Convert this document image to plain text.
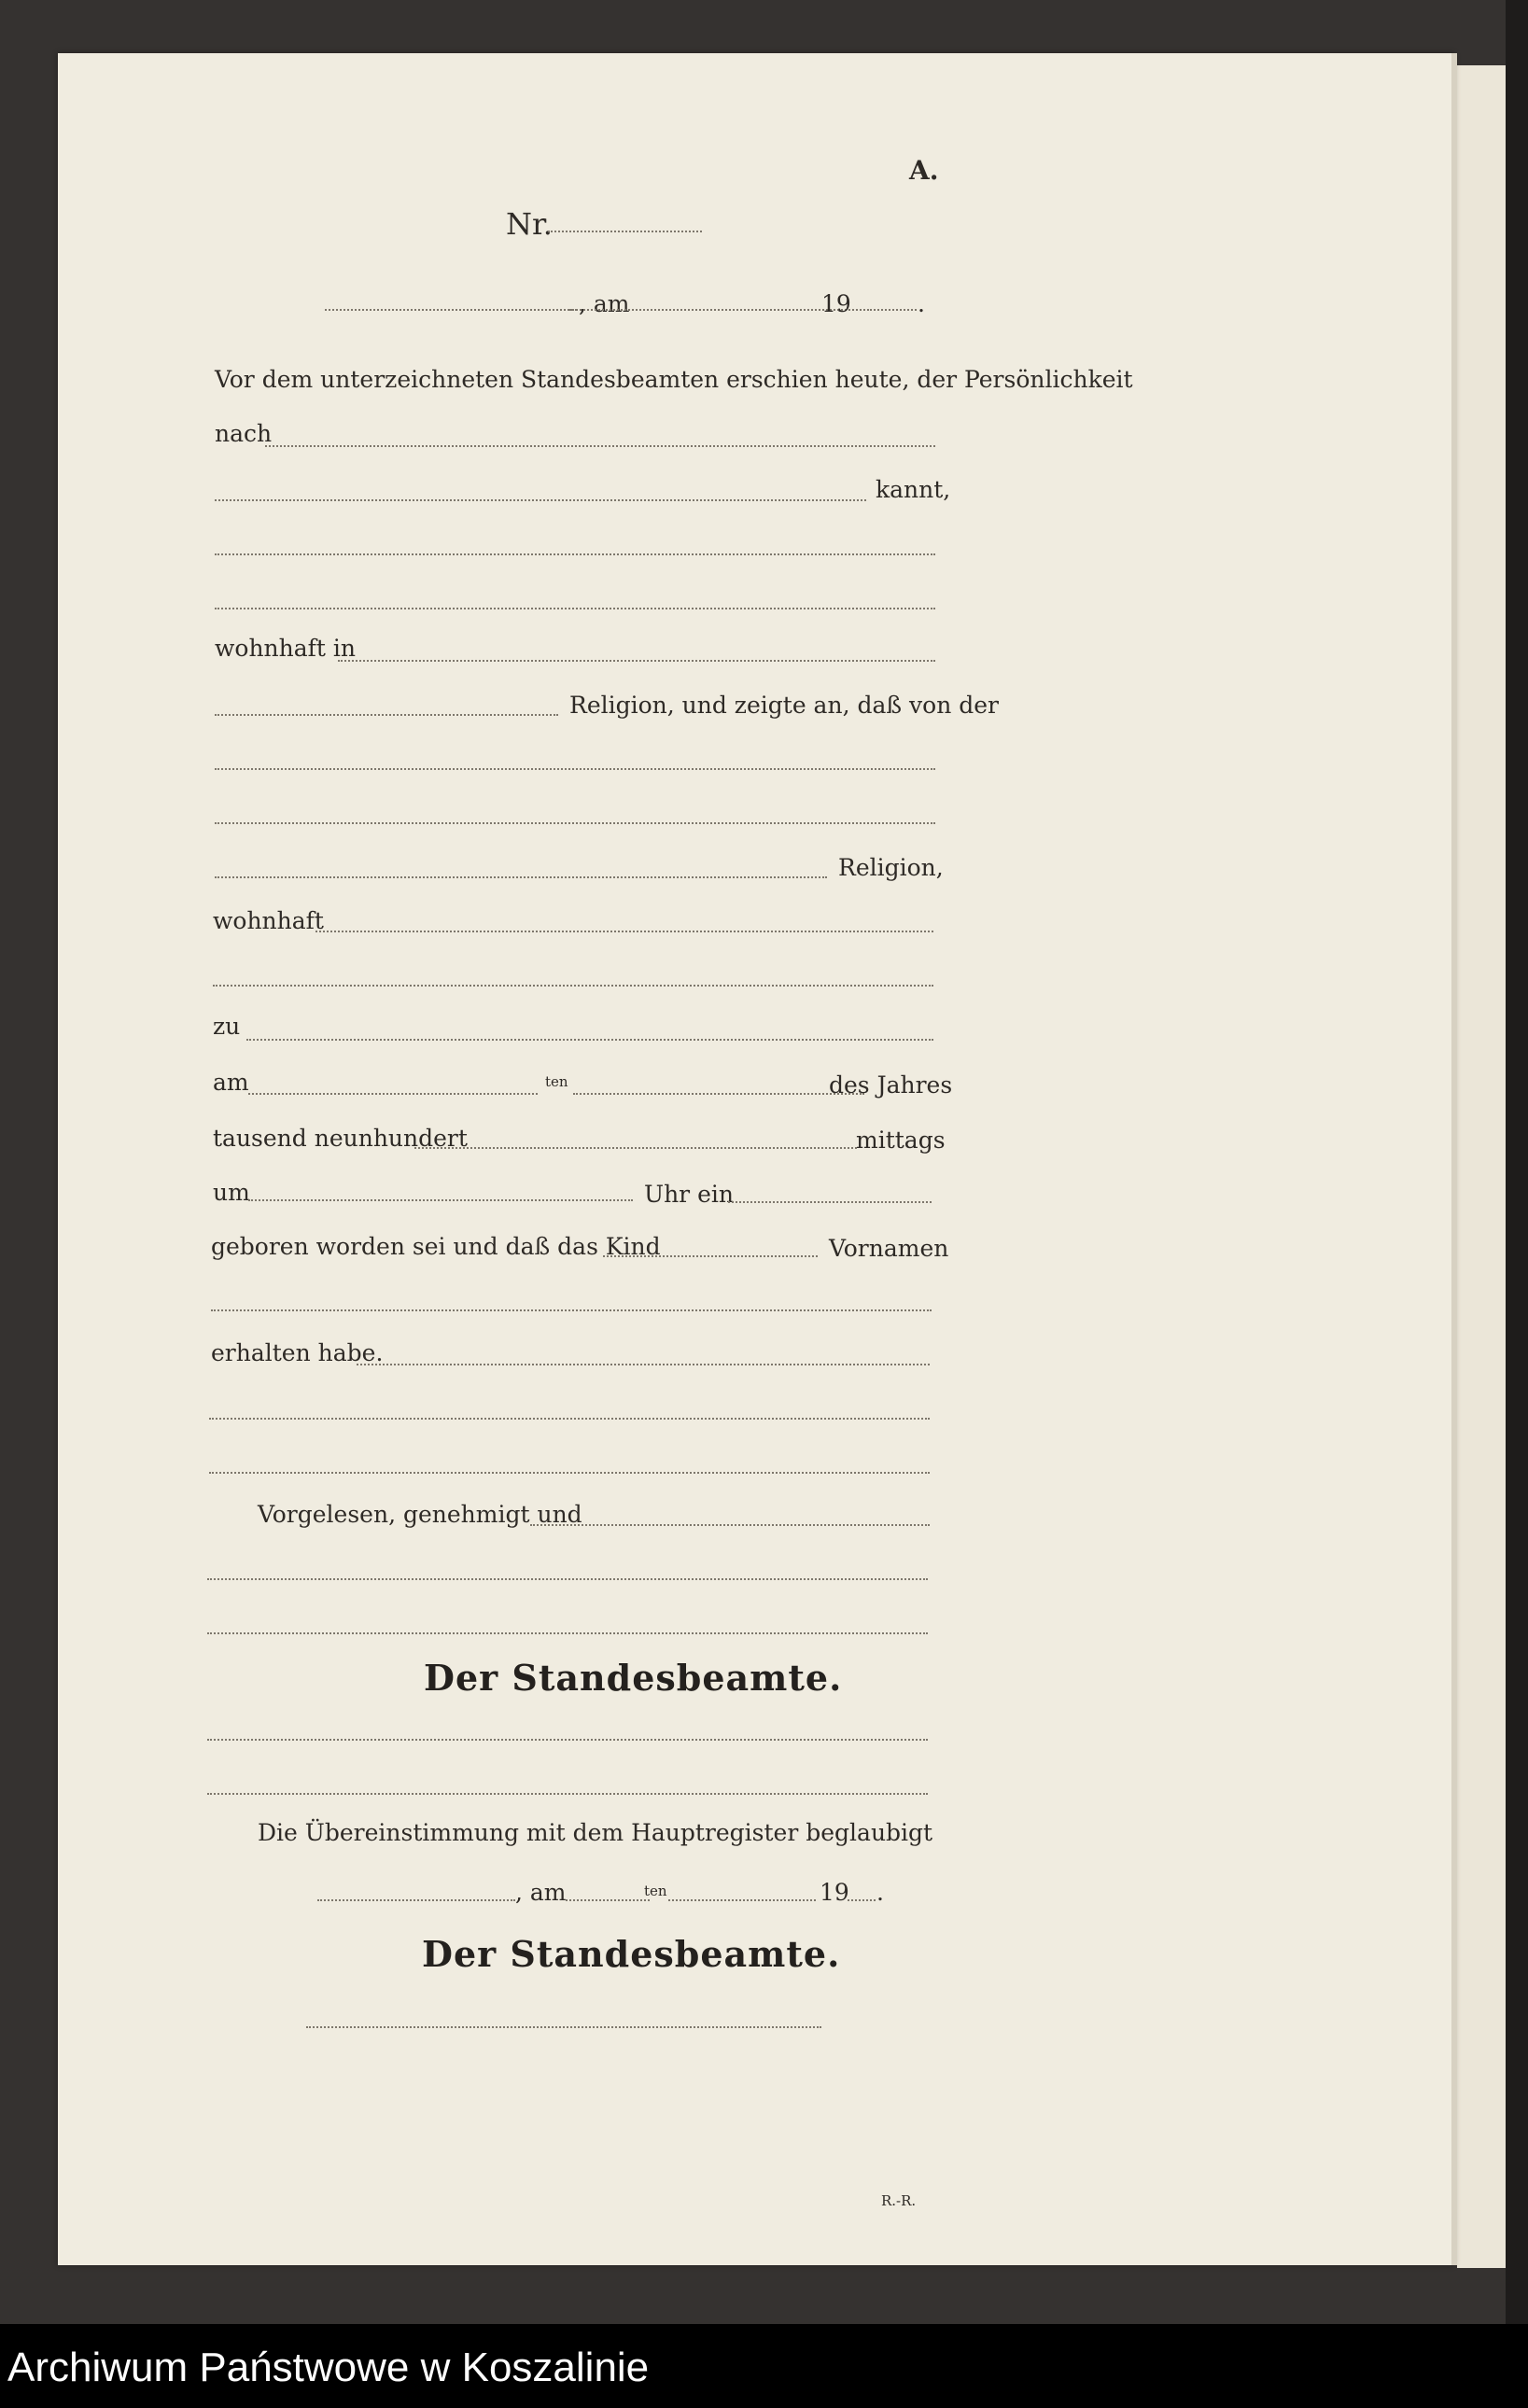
A.
Nr.
, am	19	.
Vor dem unterzeichneten Standesbeamten erschien heute, der Persönlichkeit
nach
kannt,
wohnhaft in
Religion, und zeigte an, daß von der
Religion,
wohnhaft
zu
am	ten	des Jahres
tausend neunhundert	mittags
um	Uhr ein
geboren worden sei und daß das Kind	Vornamen
erhalten habe.
Vorgelesen, genehmigt und
Der Standesbeamte.
Die Übereinstimmung mit dem Hauptregister beglaubigt
, am	ten	19 .
Der Standesbeamte.
R.-R.
Archiwum Państwowe w Koszalinie
